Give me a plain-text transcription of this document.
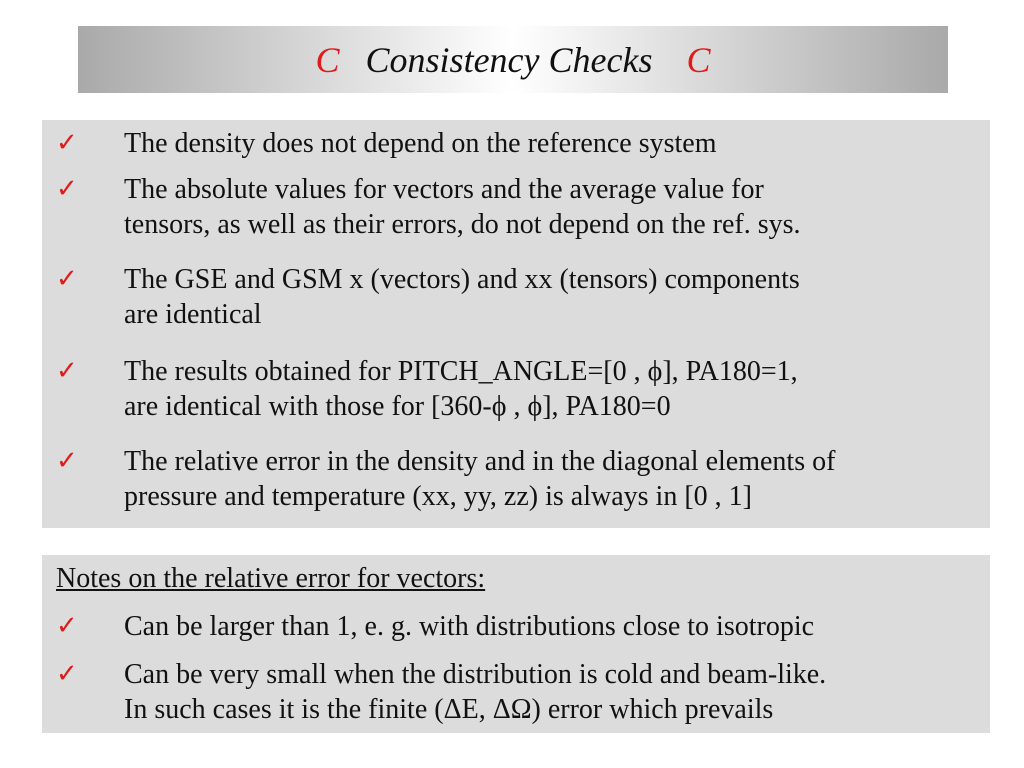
C Consistency Checks C
✓ The density does not depend on the reference system
✓ The absolute values for vectors and the average value for
tensors, as well as their errors, do not depend on the ref. sys.
✓ The GSE and GSM x (vectors) and xx (tensors) components
are identical
✓ The results obtained for PITCH_ANGLE=[0 , ϕ], PA180=1,
are identical with those for [360-ϕ , ϕ], PA180=0
✓ The relative error in the density and in the diagonal elements of
pressure and temperature (xx, yy, zz) is always in [0 , 1]
Notes on the relative error for vectors:
✓ Can be larger than 1, e. g. with distributions close to isotropic
✓ Can be very small when the distribution is cold and beam-like.
In such cases it is the finite (ΔE, ΔΩ) error which prevails
